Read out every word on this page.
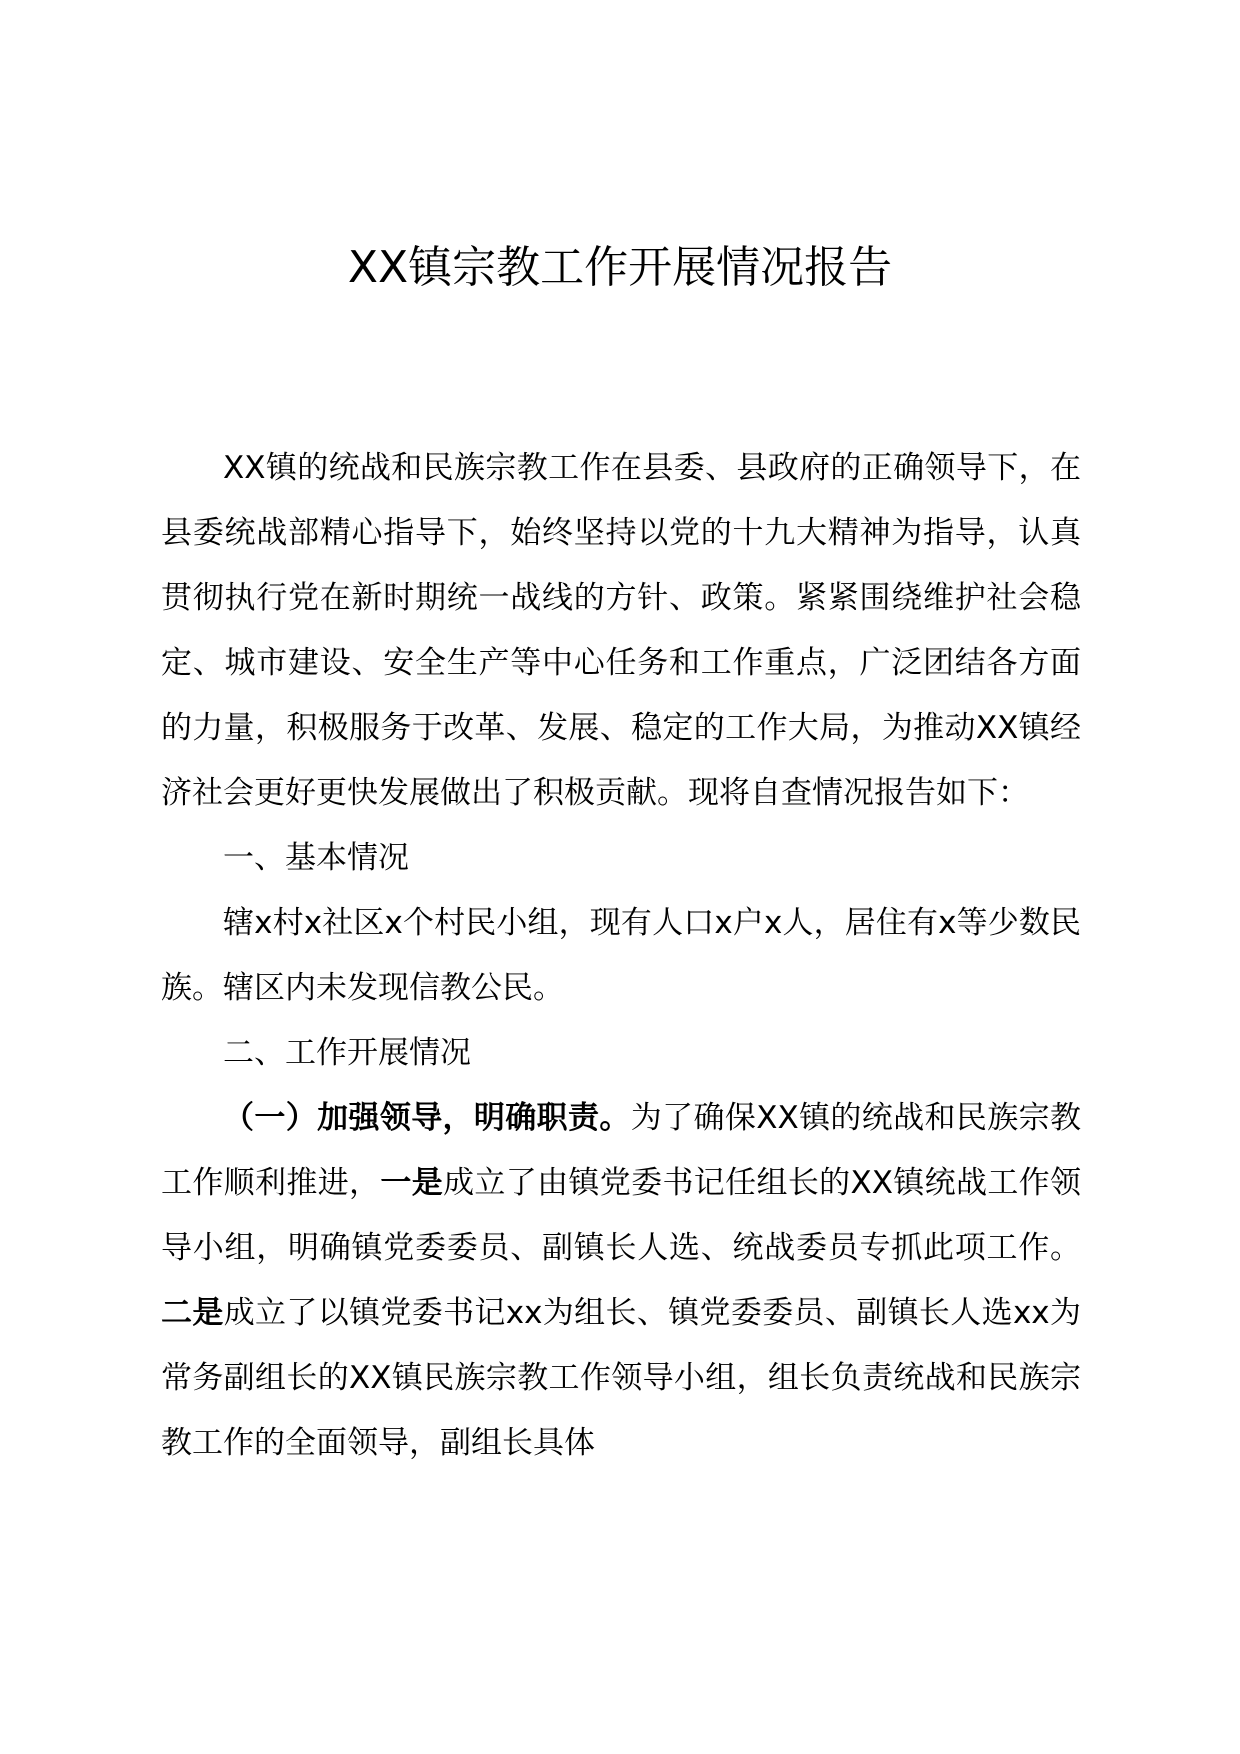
XX镇宗教工作开展情况报告

XX镇的统战和民族宗教工作在县委、县政府的正确领导下，在县委统战部精心指导下，始终坚持以党的十九大精神为指导，认真贯彻执行党在新时期统一战线的方针、政策。紧紧围绕维护社会稳定、城市建设、安全生产等中心任务和工作重点，广泛团结各方面的力量，积极服务于改革、发展、稳定的工作大局，为推动XX镇经济社会更好更快发展做出了积极贡献。现将自查情况报告如下：

一、基本情况

辖x村x社区x个村民小组，现有人口x户x人，居住有x等少数民族。辖区内未发现信教公民。

二、工作开展情况

（一）加强领导，明确职责。为了确保XX镇的统战和民族宗教工作顺利推进，一是成立了由镇党委书记任组长的XX镇统战工作领导小组，明确镇党委委员、副镇长人选、统战委员专抓此项工作。二是成立了以镇党委书记xx为组长、镇党委委员、副镇长人选xx为常务副组长的XX镇民族宗教工作领导小组，组长负责统战和民族宗教工作的全面领导，副组长具体
